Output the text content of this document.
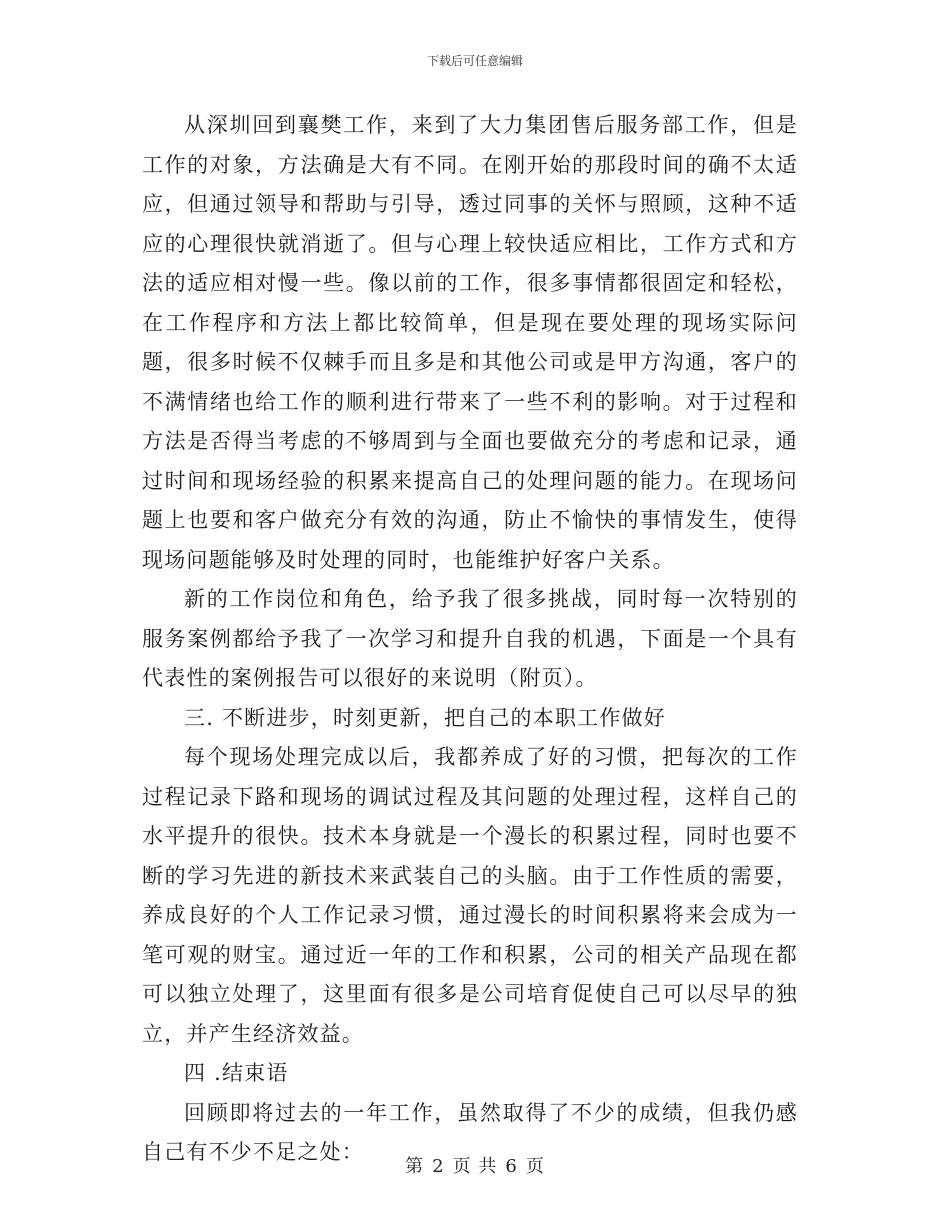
下载后可任意编辑

从深圳回到襄樊工作，来到了大力集团售后服务部工作，但是工作的对象，方法确是大有不同。在刚开始的那段时间的确不太适应，但通过领导和帮助与引导，透过同事的关怀与照顾，这种不适应的心理很快就消逝了。但与心理上较快适应相比，工作方式和方法的适应相对慢一些。像以前的工作，很多事情都很固定和轻松，在工作程序和方法上都比较简单，但是现在要处理的现场实际问题，很多时候不仅棘手而且多是和其他公司或是甲方沟通，客户的不满情绪也给工作的顺利进行带来了一些不利的影响。对于过程和方法是否得当考虑的不够周到与全面也要做充分的考虑和记录，通过时间和现场经验的积累来提高自己的处理问题的能力。在现场问题上也要和客户做充分有效的沟通，防止不愉快的事情发生，使得现场问题能够及时处理的同时，也能维护好客户关系。

新的工作岗位和角色，给予我了很多挑战，同时每一次特别的服务案例都给予我了一次学习和提升自我的机遇，下面是一个具有代表性的案例报告可以很好的来说明（附页）。

三. 不断进步，时刻更新，把自己的本职工作做好

每个现场处理完成以后，我都养成了好的习惯，把每次的工作过程记录下路和现场的调试过程及其问题的处理过程，这样自己的水平提升的很快。技术本身就是一个漫长的积累过程，同时也要不断的学习先进的新技术来武装自己的头脑。由于工作性质的需要，养成良好的个人工作记录习惯，通过漫长的时间积累将来会成为一笔可观的财宝。通过近一年的工作和积累，公司的相关产品现在都可以独立处理了，这里面有很多是公司培育促使自己可以尽早的独立，并产生经济效益。

四 .结束语

回顾即将过去的一年工作，虽然取得了不少的成绩，但我仍感自己有不少不足之处：

第 2 页 共 6 页
